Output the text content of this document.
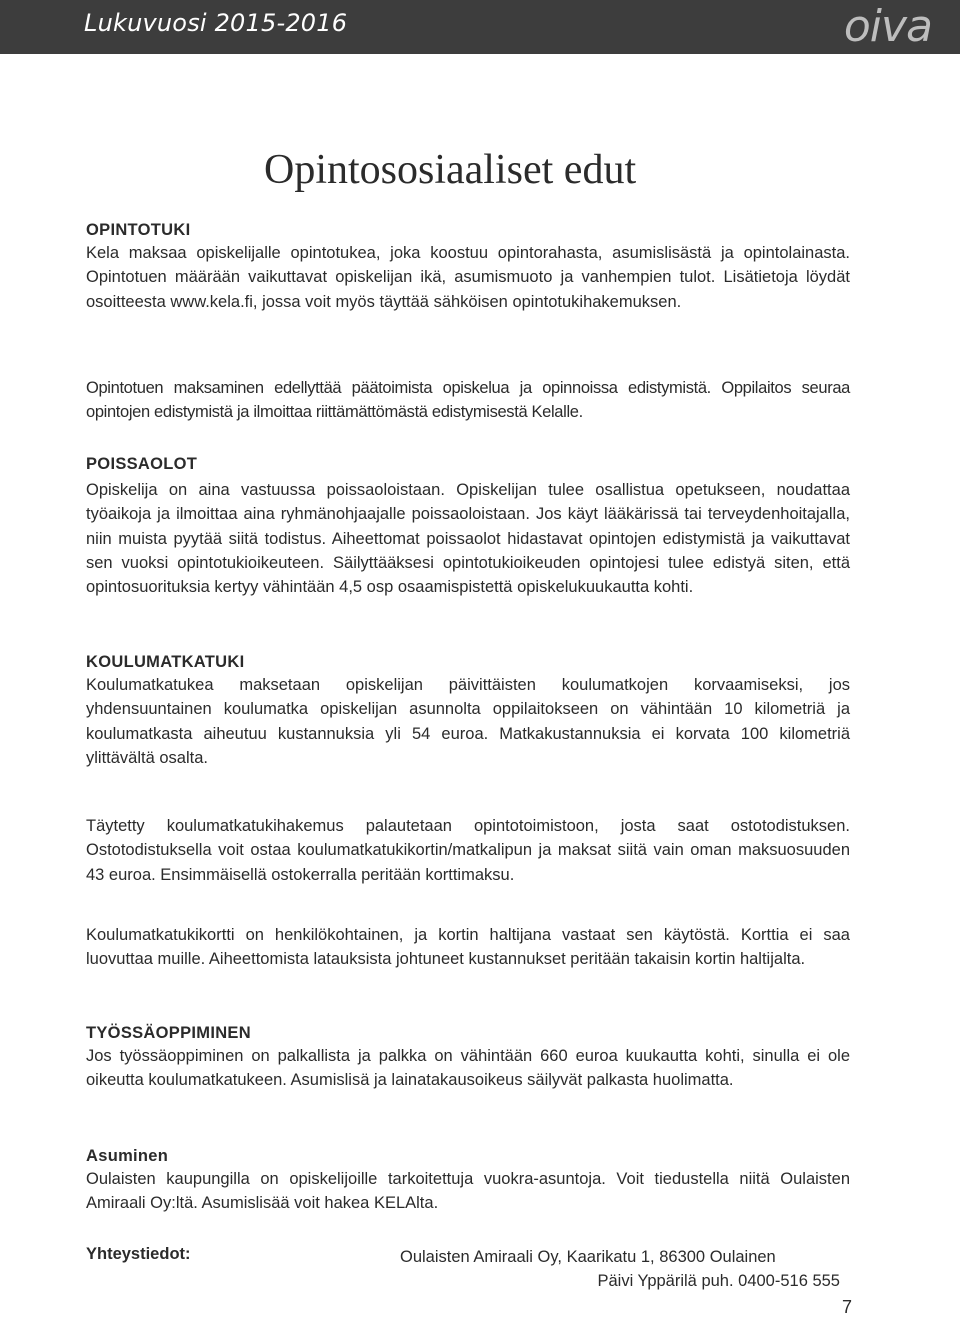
Lukuvuosi 2015-2016	oiva
Opintososiaaliset edut

OPINTOTUKI

Kela maksaa opiskelijalle opintotukea, joka koostuu opintorahasta, asumislisästä ja opintolainasta. Opintotuen määrään vaikuttavat opiskelijan ikä, asumismuoto ja vanhempien tulot. Lisätietoja löydät osoitteesta www.kela.fi, jossa voit myös täyttää sähköisen opintotukihakemuksen.

Opintotuen maksaminen edellyttää päätoimista opiskelua ja opinnoissa edistymistä. Oppilaitos seuraa opintojen edistymistä ja ilmoittaa riittämättömästä edistymisestä Kelalle.

POISSAOLOT

Opiskelija on aina vastuussa poissaoloistaan. Opiskelijan tulee osallistua opetukseen, noudattaa työaikoja ja ilmoittaa aina ryhmänohjaajalle poissaoloistaan. Jos käyt lääkärissä tai terveydenhoitajalla, niin muista pyytää siitä todistus. Aiheettomat poissaolot hidastavat opintojen edistymistä ja vaikuttavat sen vuoksi opintotukioikeuteen. Säilyttääksesi opintotukioikeuden opintojesi tulee edistyä siten, että opintosuorituksia kertyy vähintään 4,5 osp osaamispistettä opiskelukuukautta kohti.

KOULUMATKATUKI

Koulumatkatukea maksetaan opiskelijan päivittäisten koulumatkojen korvaamiseksi, jos yhdensuuntainen koulumatka opiskelijan asunnolta oppilaitokseen on vähintään 10 kilometriä ja koulumatkasta aiheutuu kustannuksia yli 54 euroa. Matkakustannuksia ei korvata 100 kilometriä ylittävältä osalta.

Täytetty koulumatkatukihakemus palautetaan opintotoimistoon, josta saat ostotodistuksen. Ostotodistuksella voit ostaa koulumatkatukikortin/matkalipun ja maksat siitä vain oman maksuosuuden 43 euroa. Ensimmäisellä ostokerralla peritään korttimaksu.

Koulumatkatukikortti on henkilökohtainen, ja kortin haltijana vastaat sen käytöstä. Korttia ei saa luovuttaa muille. Aiheettomista latauksista johtuneet kustannukset peritään takaisin kortin haltijalta.

TYÖSSÄOPPIMINEN

Jos työssäoppiminen on palkallista ja palkka on vähintään 660 euroa kuukautta kohti, sinulla ei ole oikeutta koulumatkatukeen. Asumislisä ja lainatakausoikeus säilyvät palkasta huolimatta.

Asuminen

Oulaisten kaupungilla on opiskelijoille tarkoitettuja vuokra-asuntoja. Voit tiedustella niitä Oulaisten Amiraali Oy:ltä. Asumislisää voit hakea KELAlta.

Yhteystiedot:	Oulaisten Amiraali Oy, Kaarikatu 1, 86300 Oulainen
Päivi Yppärilä puh. 0400-516 555
7
